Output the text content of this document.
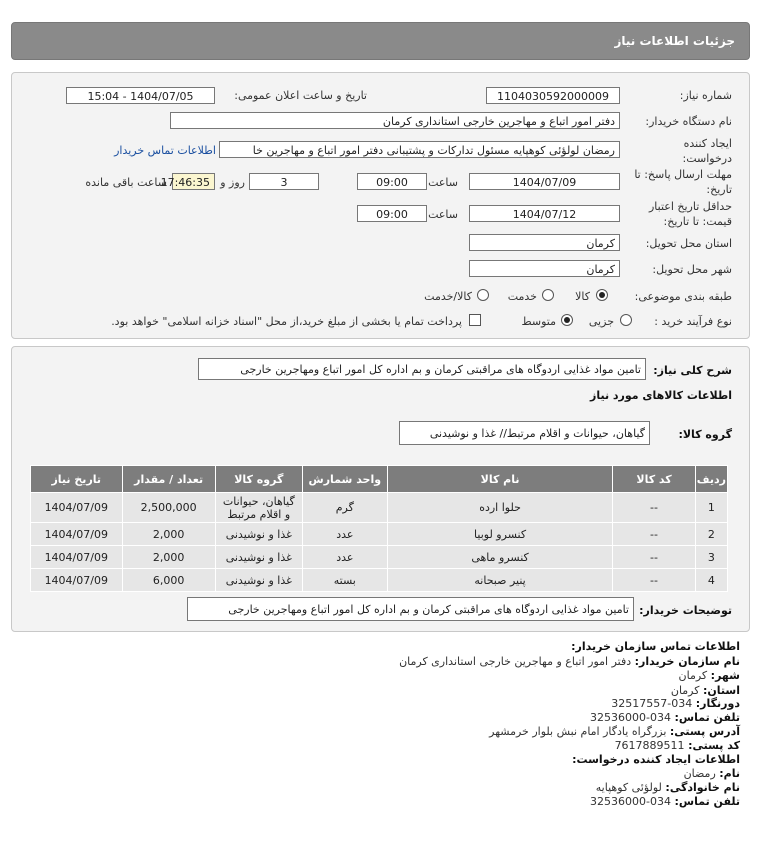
جزئیات اطلاعات نیاز
شماره نیاز:
1104030592000009
تاریخ و ساعت اعلان عمومی:
1404/07/05 - 15:04
نام دستگاه خریدار:
دفتر امور اتباع و مهاجرین خارجی استانداری کرمان
ایجاد کننده درخواست:
رمضان لولؤئی کوهپایه مسئول تدارکات و پشتیبانی دفتر امور اتباع و مهاجرین خا
اطلاعات تماس خریدار
مهلت ارسال پاسخ: تا تاریخ:
1404/07/09
ساعت
09:00
3
روز و
17:46:35
ساعت باقی مانده
حداقل تاریخ اعتبار قیمت: تا تاریخ:
1404/07/12
ساعت
09:00
استان محل تحویل:
کرمان
شهر محل تحویل:
کرمان
طبقه بندی موضوعی:
کالا
خدمت
کالا/خدمت
نوع فرآیند خرید :
جزیی
متوسط
پرداخت تمام یا بخشی از مبلغ خرید،از محل "اسناد خزانه اسلامی" خواهد بود.
شرح کلی نیاز:
تامین مواد غذایی اردوگاه های مراقبتی کرمان و بم اداره کل امور اتباع ومهاجرین خارجی
اطلاعات کالاهای مورد نیاز
گروه کالا:
گیاهان، حیوانات و اقلام مرتبط// غذا و نوشیدنی
ردیف	کد کالا	نام کالا	واحد شمارش	گروه کالا	تعداد / مقدار	تاریخ نیاز
1	--	حلوا ارده	گرم	گیاهان، حیوانات و اقلام مرتبط	2,500,000	1404/07/09
2	--	کنسرو لوبیا	عدد	غذا و نوشیدنی	2,000	1404/07/09
3	--	کنسرو ماهی	عدد	غذا و نوشیدنی	2,000	1404/07/09
4	--	پنیر صبحانه	بسته	غذا و نوشیدنی	6,000	1404/07/09
توضیحات خریدار:
تامین مواد غذایی اردوگاه های مراقبتی کرمان و بم اداره کل امور اتباع ومهاجرین خارجی
اطلاعات تماس سازمان خریدار:
نام سازمان خریدار: دفتر امور اتباع و مهاجرین خارجی استانداری کرمان
شهر: کرمان
استان: کرمان
دورنگار: 034-32517557
تلفن تماس: 034-32536000
آدرس پستی: بزرگراه یادگار امام نبش بلوار خرمشهر
کد پستی: 7617889511
اطلاعات ایجاد کننده درخواست:
نام: رمضان
نام خانوادگی: لولؤئی کوهپایه
تلفن تماس: 034-32536000
